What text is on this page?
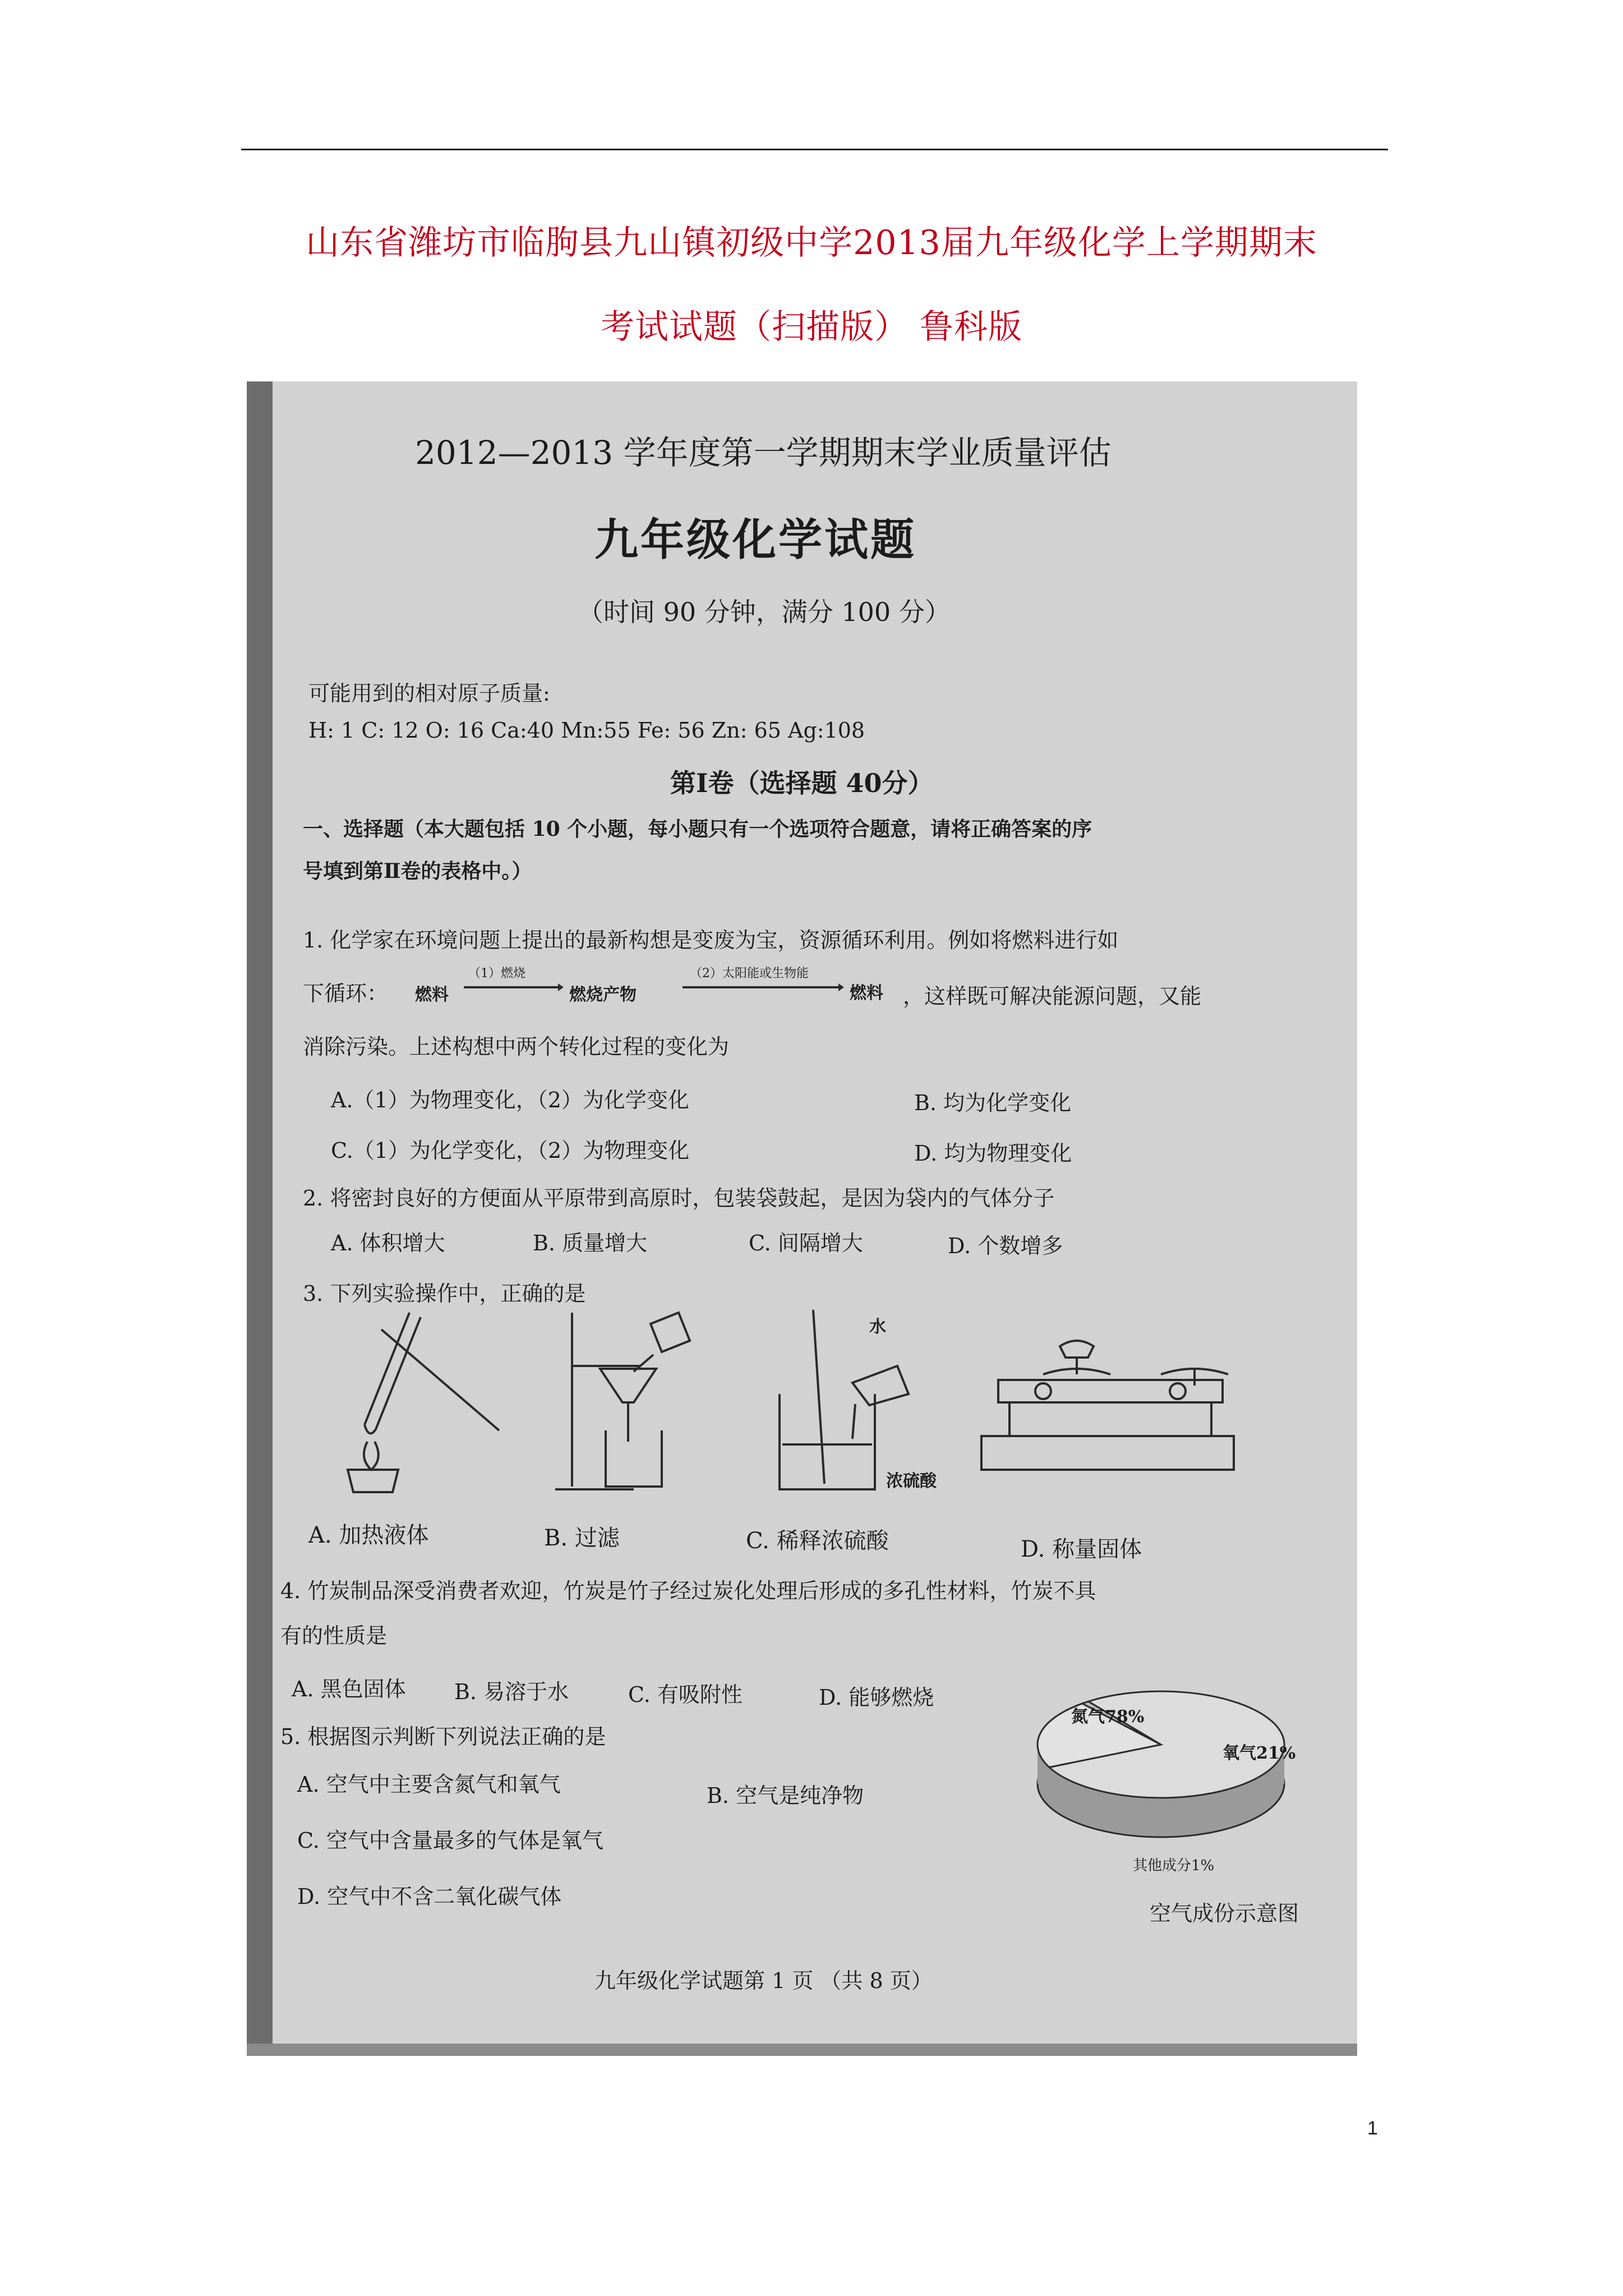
山东省潍坊市临朐县九山镇初级中学2013届九年级化学上学期期末
考试试题（扫描版） 鲁科版
2012—2013 学年度第一学期期末学业质量评估
九年级化学试题
（时间 90 分钟，满分 100 分）
可能用到的相对原子质量:
H: 1 C: 12 O: 16 Ca:40 Mn:55 Fe: 56 Zn: 65 Ag:108
第Ⅰ卷（选择题 40分）
一、选择题（本大题包括 10 个小题，每小题只有一个选项符合题意，请将正确答案的序
号填到第Ⅱ卷的表格中。）
1. 化学家在环境问题上提出的最新构想是变废为宝，资源循环利用。例如将燃料进行如
下循环： 燃料
（1）燃烧
燃烧产物
（2）太阳能或生物能
燃料 ，这样既可解决能源问题，又能
消除污染。上述构想中两个转化过程的变化为
A.（1）为物理变化，（2）为化学变化	B. 均为化学变化
C.（1）为化学变化，（2）为物理变化	D. 均为物理变化
2. 将密封良好的方便面从平原带到高原时，包装袋鼓起，是因为袋内的气体分子
A. 体积增大	B. 质量增大	C. 间隔增大	D. 个数增多
3. 下列实验操作中，正确的是
水
浓硫酸
A. 加热液体	B. 过滤	C. 稀释浓硫酸	D. 称量固体
4. 竹炭制品深受消费者欢迎，竹炭是竹子经过炭化处理后形成的多孔性材料，竹炭不具
有的性质是
A. 黑色固体 B. 易溶于水	C. 有吸附性	D. 能够燃烧
5. 根据图示判断下列说法正确的是
A. 空气中主要含氮气和氧气	B. 空气是纯净物
C. 空气中含量最多的气体是氧气
D. 空气中不含二氧化碳气体
氮气78%
氧气21%
其他成分1%
空气成份示意图
九年级化学试题第 1 页 （共 8 页）
1
